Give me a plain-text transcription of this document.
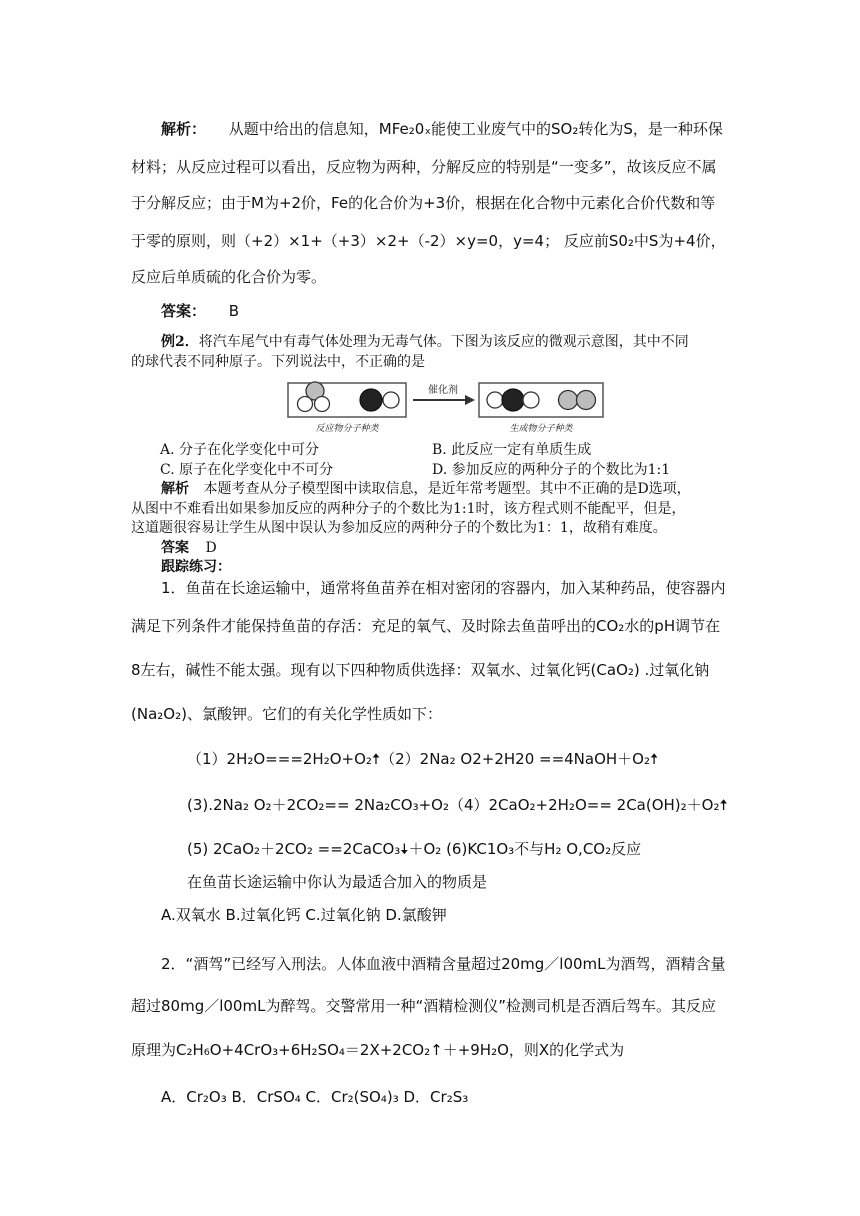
解析： 从题中给出的信息知，MFe₂0ₓ能使工业废气中的SO₂转化为S，是一种环保
材料；从反应过程可以看出，反应物为两种，分解反应的特别是“一变多”，故该反应不属
于分解反应；由于M为+2价，Fe的化合价为+3价，根据在化合物中元素化合价代数和等
于零的原则，则（+2）×1+（+3）×2+（-2）×y=0，y=4； 反应前S0₂中S为+4价，
反应后单质硫的化合价为零。
答案： B
例2．将汽车尾气中有毒气体处理为无毒气体。下图为该反应的微观示意图，其中不同
的球代表不同种原子。下列说法中，不正确的是
催化剂
反应物分子种类	生成物分子种类
A. 分子在化学变化中可分	B. 此反应一定有单质生成
C. 原子在化学变化中不可分	D. 参加反应的两种分子的个数比为1:1
解析 本题考查从分子模型图中读取信息，是近年常考题型。其中不正确的是D选项，
从图中不难看出如果参加反应的两种分子的个数比为1:1时，该方程式则不能配平，但是，
这道题很容易让学生从图中误认为参加反应的两种分子的个数比为1：1，故稍有难度。
答案 D
跟踪练习：
1．鱼苗在长途运输中，通常将鱼苗养在相对密闭的容器内，加入某种药品，使容器内
满足下列条件才能保持鱼苗的存活：充足的氧气、及时除去鱼苗呼出的CO₂水的pH调节在
8左右，碱性不能太强。现有以下四种物质供选择：双氧水、过氧化钙(CaO₂) .过氧化钠
(Na₂O₂)、氯酸钾。它们的有关化学性质如下：
（1）2H₂O===2H₂O+O₂🠅（2）2Na₂ O2+2H20 ==4NaOH＋O₂🠅
(3).2Na₂ O₂＋2CO₂== 2Na₂CO₃+O₂（4）2CaO₂+2H₂O== 2Ca(OH)₂＋O₂🠅
(5) 2CaO₂＋2CO₂ ==2CaCO₃🠇＋O₂ (6)KC1O₃不与H₂ O,CO₂反应
在鱼苗长途运输中你认为最适合加入的物质是
A.双氧水 B.过氧化钙 C.过氧化钠 D.氯酸钾
2．“酒驾”已经写入刑法。人体血液中酒精含量超过20mg／l00mL为酒驾，酒精含量
超过80mg／l00mL为醉驾。交警常用一种“酒精检测仪”检测司机是否酒后驾车。其反应
原理为C₂H₆O+4CrO₃+6H₂SO₄＝2X+2CO₂↑＋+9H₂O，则X的化学式为
A．Cr₂O₃ B．CrSO₄ C．Cr₂(SO₄)₃ D．Cr₂S₃
